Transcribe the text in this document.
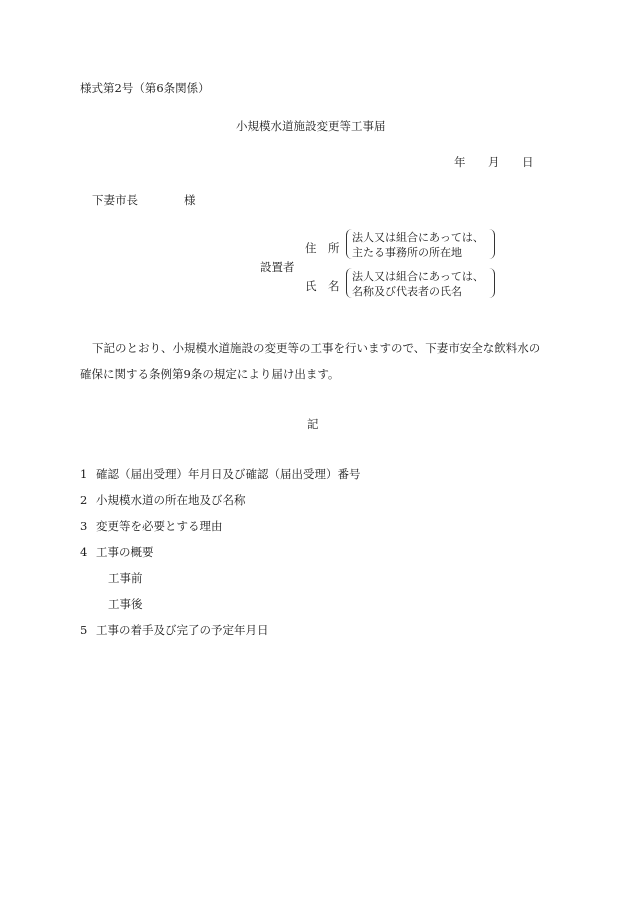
様式第2号（第6条関係）
小規模水道施設変更等工事届
年 月 日
下妻市長	様
設置者
住　所
法人又は組合にあっては、
主たる事務所の所在地
氏　名
法人又は組合にあっては、
名称及び代表者の氏名
下記のとおり、小規模水道施設の変更等の工事を行いますので、下妻市安全な飲料水の
確保に関する条例第9条の規定により届け出ます。
記
1 確認（届出受理）年月日及び確認（届出受理）番号
2 小規模水道の所在地及び名称
3 変更等を必要とする理由
4 工事の概要
工事前
工事後
5 工事の着手及び完了の予定年月日
